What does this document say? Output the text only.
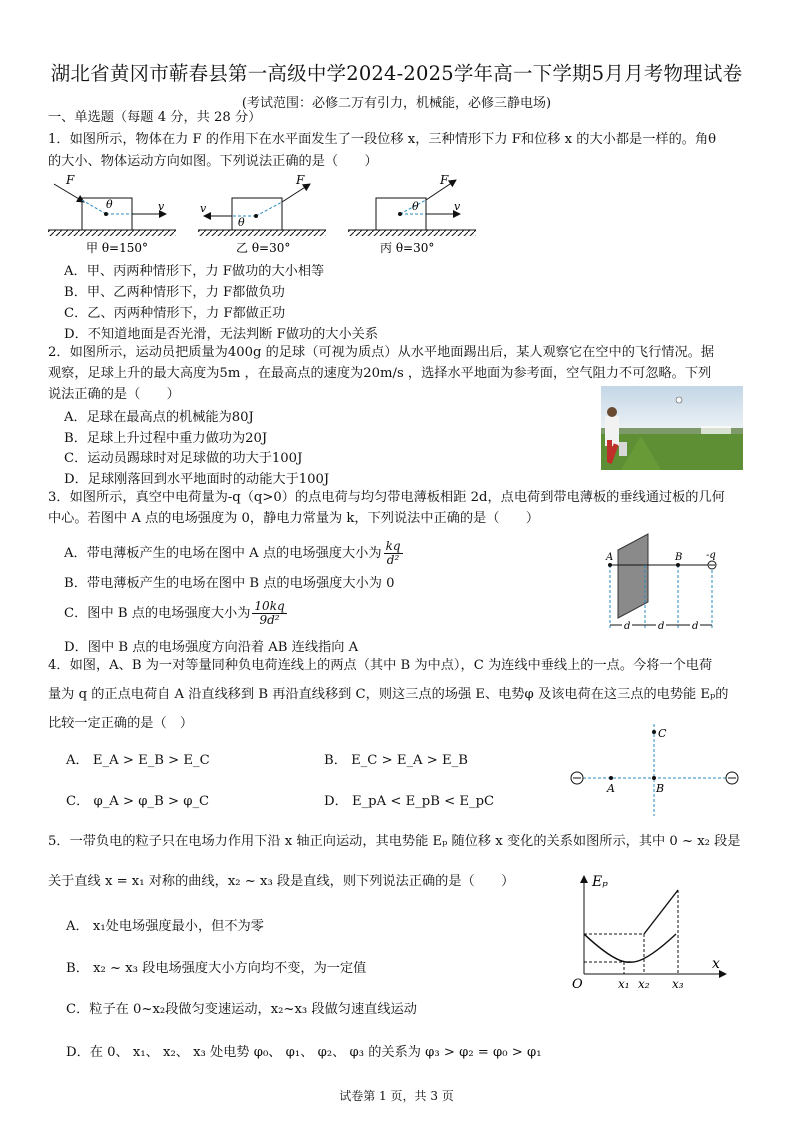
湖北省黄冈市蕲春县第一高级中学2024-2025学年高一下学期5月月考物理试卷
(考试范围：必修二万有引力，机械能，必修三静电场)
一、单选题（每题 4 分，共 28 分）
1．如图所示，物体在力 F 的作用下在水平面发生了一段位移 x，三种情形下力 F和位移 x 的大小都是一样的。角θ
的大小、物体运动方向如图。下列说法正确的是（　　）
F
v
θ
甲 θ=150°
v
F
θ
乙 θ=30°
F
v
θ
丙 θ=30°
A．甲、丙两种情形下，力 F做功的大小相等
B．甲、乙两种情形下，力 F都做负功
C．乙、丙两种情形下，力 F都做正功
D．不知道地面是否光滑，无法判断 F做功的大小关系
2．如图所示，运动员把质量为400g 的足球（可视为质点）从水平地面踢出后，某人观察它在空中的飞行情况。据
观察，足球上升的最大高度为5m ，在最高点的速度为20m/s ，选择水平地面为参考面，空气阻力不可忽略。下列
说法正确的是（　　）
A．足球在最高点的机械能为80J
B．足球上升过程中重力做功为20J
C．运动员踢球时对足球做的功大于100J
D．足球刚落回到水平地面时的动能大于100J
3．如图所示，真空中电荷量为-q（q>0）的点电荷与均匀带电薄板相距 2d，点电荷到带电薄板的垂线通过板的几何
中心。若图中 A 点的电场强度为 0，静电力常量为 k，下列说法中正确的是（　　）
A．带电薄板产生的电场在图中 A 点的电场强度大小为 $\frac{kq}{\text{d²}}$
B．带电薄板产生的电场在图中 B 点的电场强度大小为 0
C．图中 B 点的电场强度大小为 $\frac{10kq}{\text{9d²}}$
D．图中 B 点的电场强度方向沿着 AB 连线指向 A
A	B -q
d	d	d
4．如图，A、B 为一对等量同种负电荷连线上的两点（其中 B 为中点），C 为连线中垂线上的一点。今将一个电荷
量为 q 的正点电荷自 A 沿直线移到 B 再沿直线移到 C，则这三点的场强 E、电势φ 及该电荷在这三点的电势能 Eₚ的
比较一定正确的是（　）
A． E_A > E_B > E_C	B． E_C > E_A > E_B
C． φ_A > φ_B > φ_C	D． E_pA < E_pB < E_pC
A	B
C
5．一带负电的粒子只在电场力作用下沿 x 轴正向运动，其电势能 Eₚ 随位移 x 变化的关系如图所示，其中 0 ~ x₂ 段是
关于直线 x = x₁ 对称的曲线，x₂ ~ x₃ 段是直线，则下列说法正确的是（　　）
A． x₁处电场强度最小，但不为零
B． x₂ ~ x₃ 段电场强度大小方向均不变，为一定值
C．粒子在 0~x₂段做匀变速运动，x₂~x₃ 段做匀速直线运动
D．在 0、 x₁、 x₂、 x₃ 处电势 φ₀、 φ₁、 φ₂、 φ₃ 的关系为 φ₃ > φ₂ = φ₀ > φ₁
Eₚ
O
x
x₁ x₂ x₃
试卷第 1 页，共 3 页
